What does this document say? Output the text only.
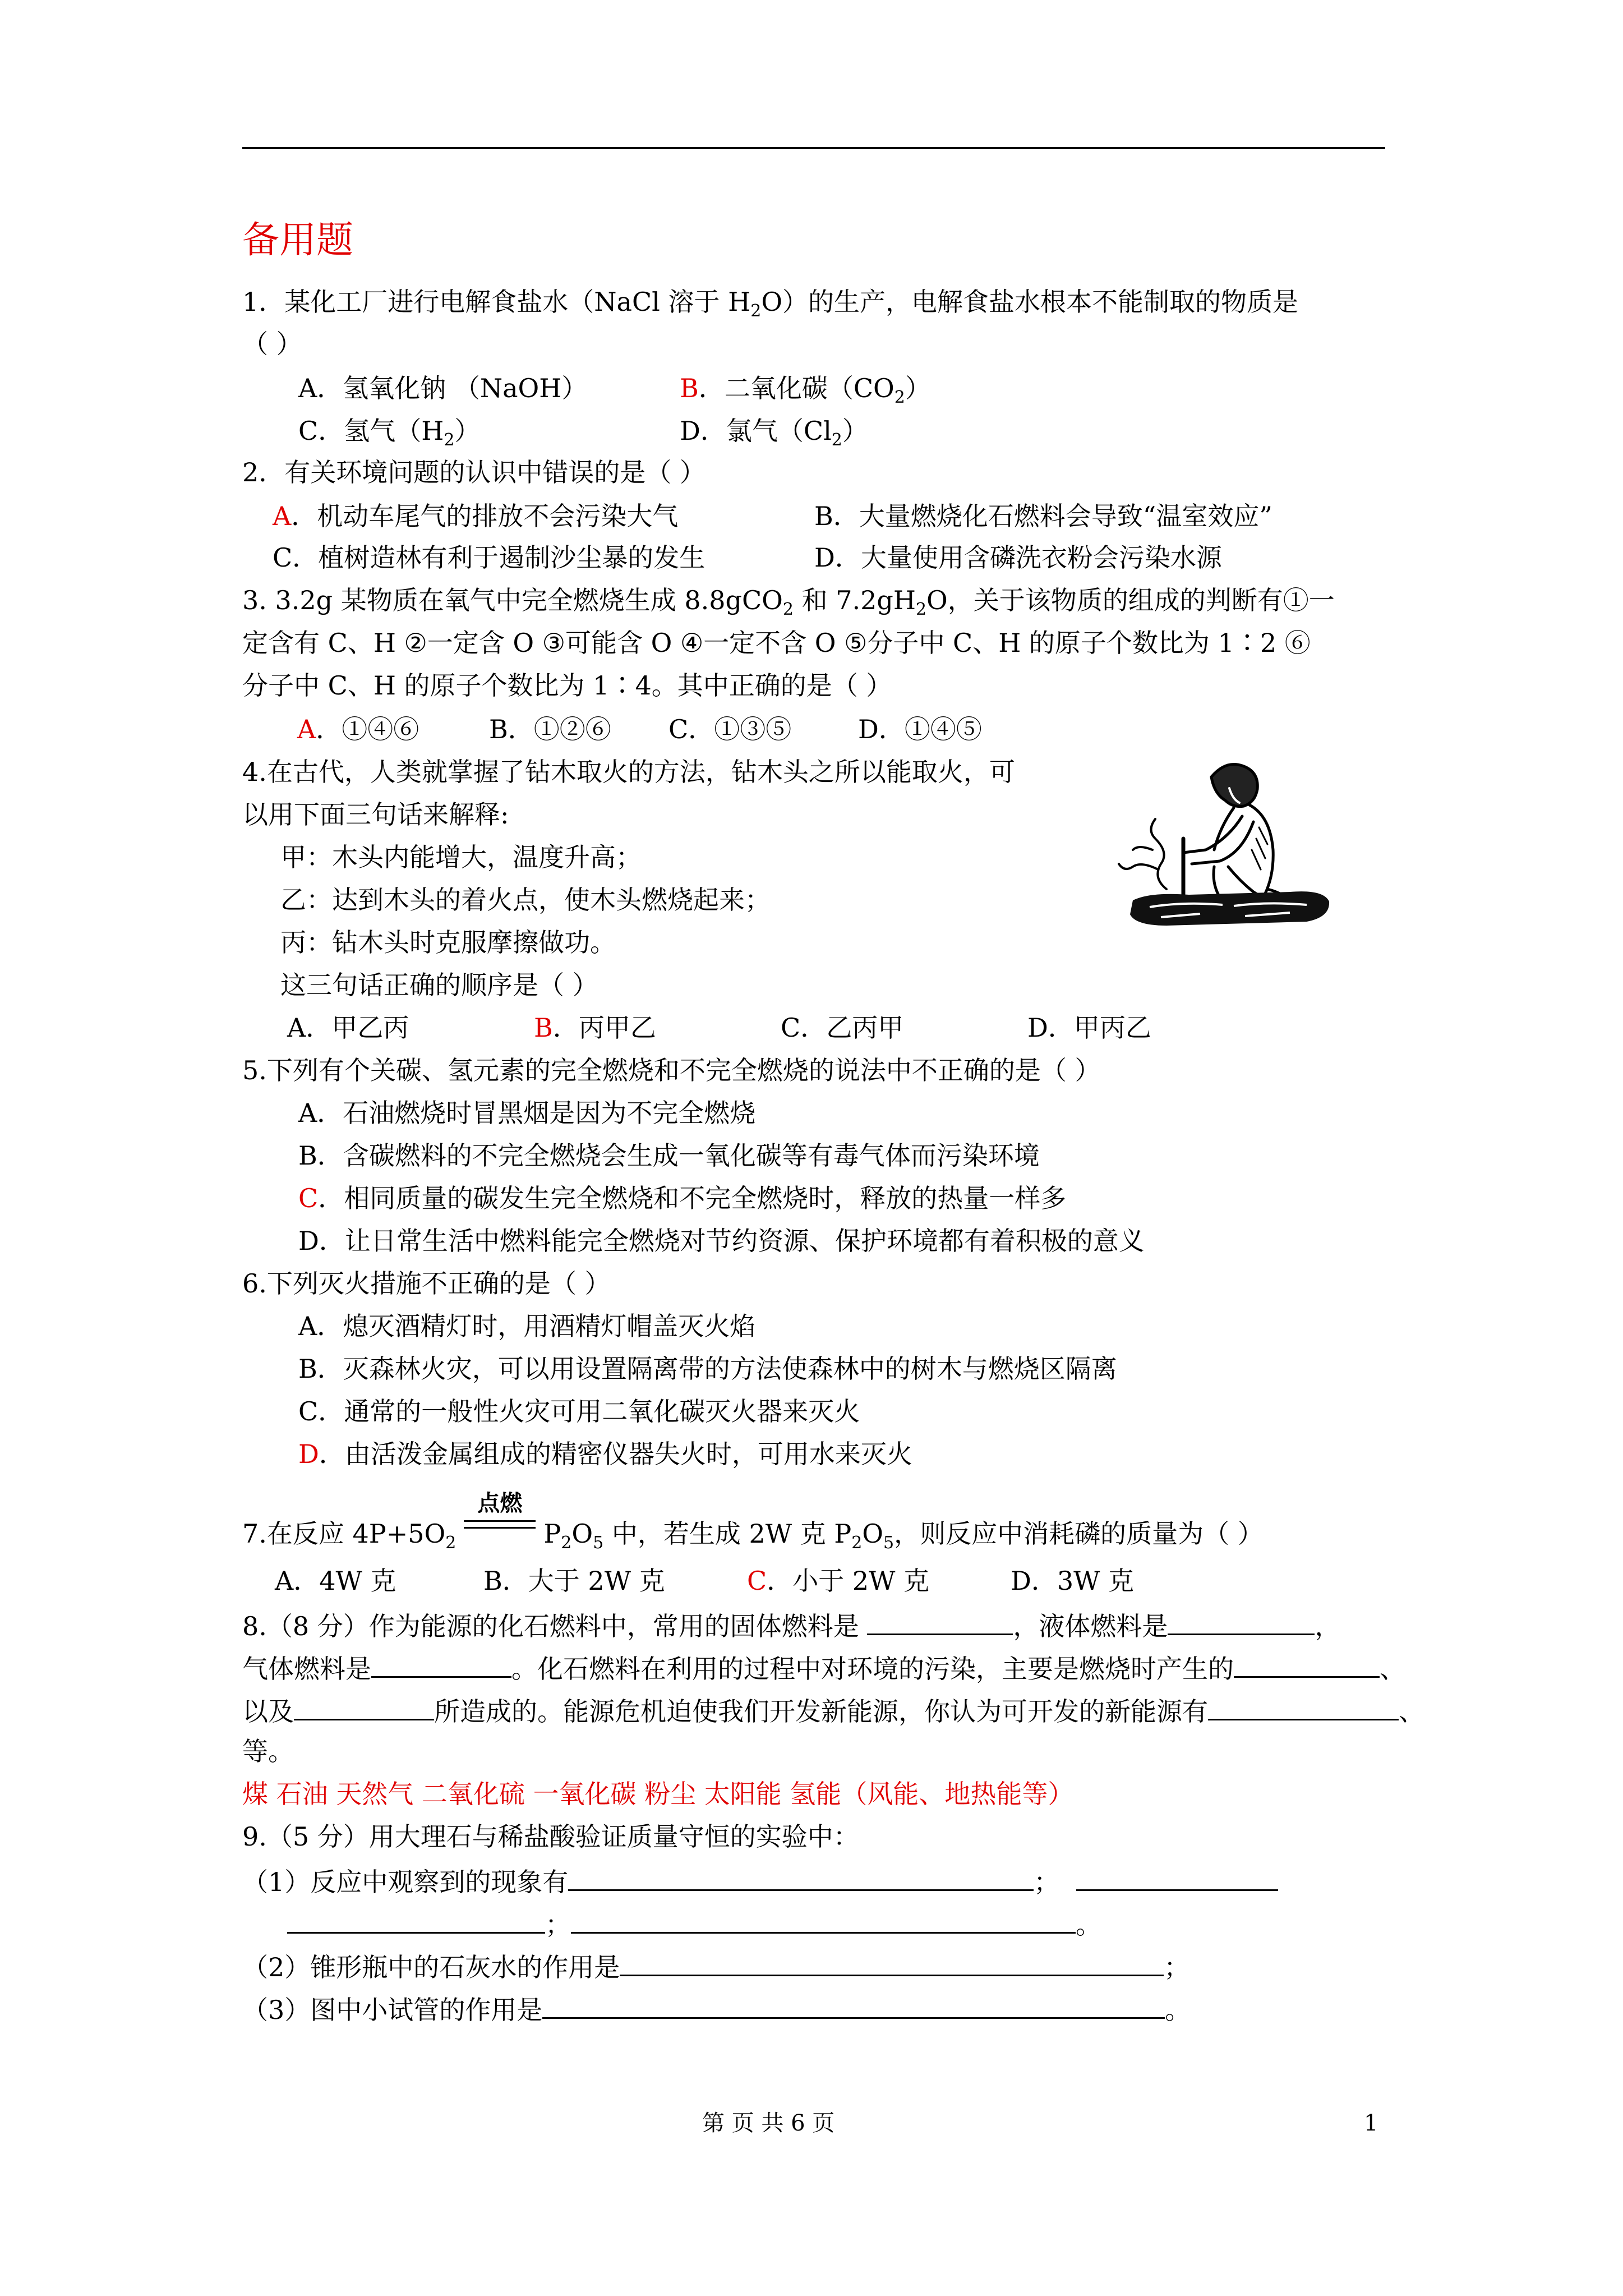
备用题
1．某化工厂进行电解食盐水（NaCl 溶于 $H_2O$）的生产，电解食盐水根本不能制取的物质是
（ ）
A．氢氧化钠 （NaOH）	B．二氧化碳$(CO_2)$
C．氢气$(H_2)$	D．氯气$(Cl_2)$
2．有关环境问题的认识中错误的是（ ）
A．机动车尾气的排放不会污染大气	B．大量燃烧化石燃料会导致“温室效应”
C．植树造林有利于遏制沙尘暴的发生	D．大量使用含磷洗衣粉会污染水源
3. 3.2g 某物质在氧气中完全燃烧生成 8.8gCO$_2$ 和 $7.2gH_2O$，关于该物质的组成的判断有①一
定含有 C、H ②一定含 O ③可能含 O ④一定不含 O ⑤分子中 C、H 的原子个数比为 1∶2 ⑥
分子中 C、H 的原子个数比为 1∶4。其中正确的是（ ）
A．①④⑥	B．①②⑥ C．①③⑤	D．①④⑤
4.在古代，人类就掌握了钻木取火的方法，钻木头之所以能取火，可
以用下面三句话来解释:
甲：木头内能增大，温度升高；
乙：达到木头的着火点，使木头燃烧起来；
丙：钻木头时克服摩擦做功。
这三句话正确的顺序是（ ）
A．甲乙丙	B．丙甲乙	C．乙丙甲	D．甲丙乙
5.下列有个关碳、氢元素的完全燃烧和不完全燃烧的说法中不正确的是（ ）
A．石油燃烧时冒黑烟是因为不完全燃烧
B．含碳燃料的不完全燃烧会生成一氧化碳等有毒气体而污染环境
C．相同质量的碳发生完全燃烧和不完全燃烧时，释放的热量一样多
D．让日常生活中燃料能完全燃烧对节约资源、保护环境都有着积极的意义
6.下列灭火措施不正确的是（ ）
A．熄灭酒精灯时，用酒精灯帽盖灭火焰
B．灭森林火灾，可以用设置隔离带的方法使森林中的树木与燃烧区隔离
C．通常的一般性火灾可用二氧化碳灭火器来灭火
D．由活泼金属组成的精密仪器失火时，可用水来灭火
7.在反应 $4P+5O_2$
点燃
$P_2O_5$ 中，若生成 2W 克 $P_2O_5$，则反应中消耗磷的质量为（ ）
A．4W 克	B．大于 2W 克	C．小于 2W 克	D．3W 克
8.（8 分）作为能源的化石燃料中，常用的固体燃料是	，液体燃料是	，
气体燃料是	。化石燃料在利用的过程中对环境的污染，主要是燃烧时产生的	、
以及	所造成的。能源危机迫使我们开发新能源，你认为可开发的新能源有	、
等。
煤 石油 天然气 二氧化硫 一氧化碳 粉尘 太阳能 氢能（风能、地热能等）
9.（5 分）用大理石与稀盐酸验证质量守恒的实验中：
（1）反应中观察到的现象有	；
；	。
（2）锥形瓶中的石灰水的作用是	；
（3）图中小试管的作用是	。
第 页 共 6 页	1
